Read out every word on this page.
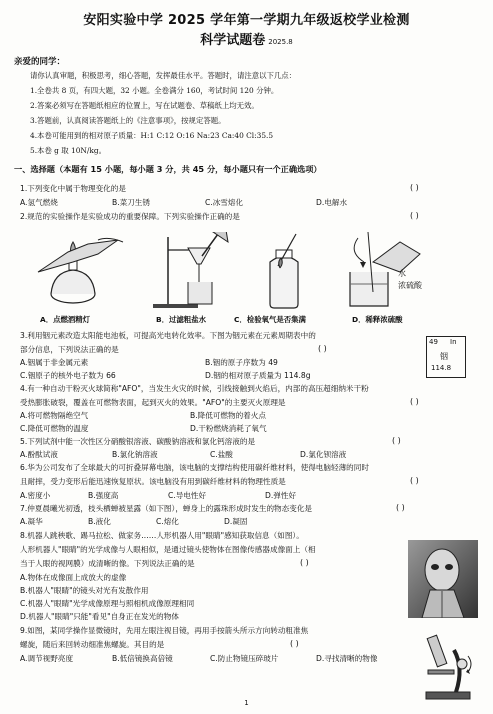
安阳实验中学 2025 学年第一学期九年级返校学业检测
科学试题卷 2025.8
亲爱的同学：
请你认真审题，积极思考，细心答题，发挥最佳水平。答题时，请注意以下几点：
1.全卷共 8 页，有四大题，32 小题。全卷满分 160，考试时间 120 分钟。
2.答案必须写在答题纸相应的位置上，写在试题卷、草稿纸上均无效。
3.答题前，认真阅读答题纸上的《注意事项》，按规定答题。
4.本卷可能用到的相对原子质量：H:1 C:12 O:16 Na:23 Ca:40 Cl:35.5
5.本卷 g 取 10N/kg。
一、选择题（本题有 15 小题，每小题 3 分，共 45 分，每小题只有一个正确选项）
1.下列变化中属于物理变化的是	( )
A.氢气燃烧	B.菜刀生锈	C.冰雪熔化	D.电解水
2.规范的实验操作是实验成功的重要保障。下列实验操作正确的是	( )
水
浓硫酸
A．点燃酒精灯	B．过滤粗盐水	C．检验氧气是否集满	D．稀释浓硫酸
3.利用铟元素改造太阳能电池板，可提高光电转化效率。下图为铟元素在元素周期表中的
部分信息，下列说法正确的是	( )
A.铟属于非金属元素	B.铟的原子序数为 49
C.铟原子的核外电子数为 66	D.铟的相对原子质量为 114.8g
49 In
铟
114.8
4.有一种自动干粉灭火球简称"AFO"，当发生火灾的时候，引线接触到火焰后，内部的高压超细纳米干粉
受热膨胀破裂，覆盖在可燃物表面，起到灭火的效果。"AFO"的主要灭火原理是	( )
A.将可燃物隔绝空气	B.降低可燃物的着火点
C.降低可燃物的温度	D.干粉燃烧消耗了氧气
5.下列试剂中能一次性区分硝酸银溶液、碳酸钠溶液和氯化钙溶液的是	( )
A.酚酞试液	B.氯化钠溶液	C.盐酸	D.氯化钡溶液
6.华为公司发布了全球最大的可折叠屏幕电脑，该电脑的支撑结构使用碳纤维材料，使得电脑轻薄的同时
且耐摔，受力变形后能迅速恢复原状。该电脑没有用到碳纤维材料的物理性质是	( )
A.密度小	B.强度高	C.导电性好	D.弹性好
7.仲夏晨曦光初透，枝头栖蝉被星露（如下图），蝉身上的露珠形成时发生的物态变化是	( )
A.凝华	B.液化	C.熔化	D.凝固
8.机器人跳秧歌、踢马拉松、做家务……人形机器人用"眼睛"感知获取信息（如图）。
人形机器人"眼睛"的光学成像与人眼相似，是通过镜头使物体在图像传感器成像面上（相
当于人眼的视网膜）成清晰的像。下列说法正确的是	( )
A.物体在成像面上成放大的虚像
B.机器人"眼睛"的镜头对光有发散作用
C.机器人"眼睛"光学成像原理与照相机成像原理相同
D.机器人"眼睛"只能"看见"自身正在发光的物体
9.如图，某同学操作显微镜时，先用左眼注视目镜，再用手按箭头所示方向转动粗准焦
螺旋，随后来回转动细准焦螺旋。其目的是	( )
A.调节视野亮度	B.低倍镜换高倍镜	C.防止物镜压碎玻片	D.寻找清晰的物像
1
